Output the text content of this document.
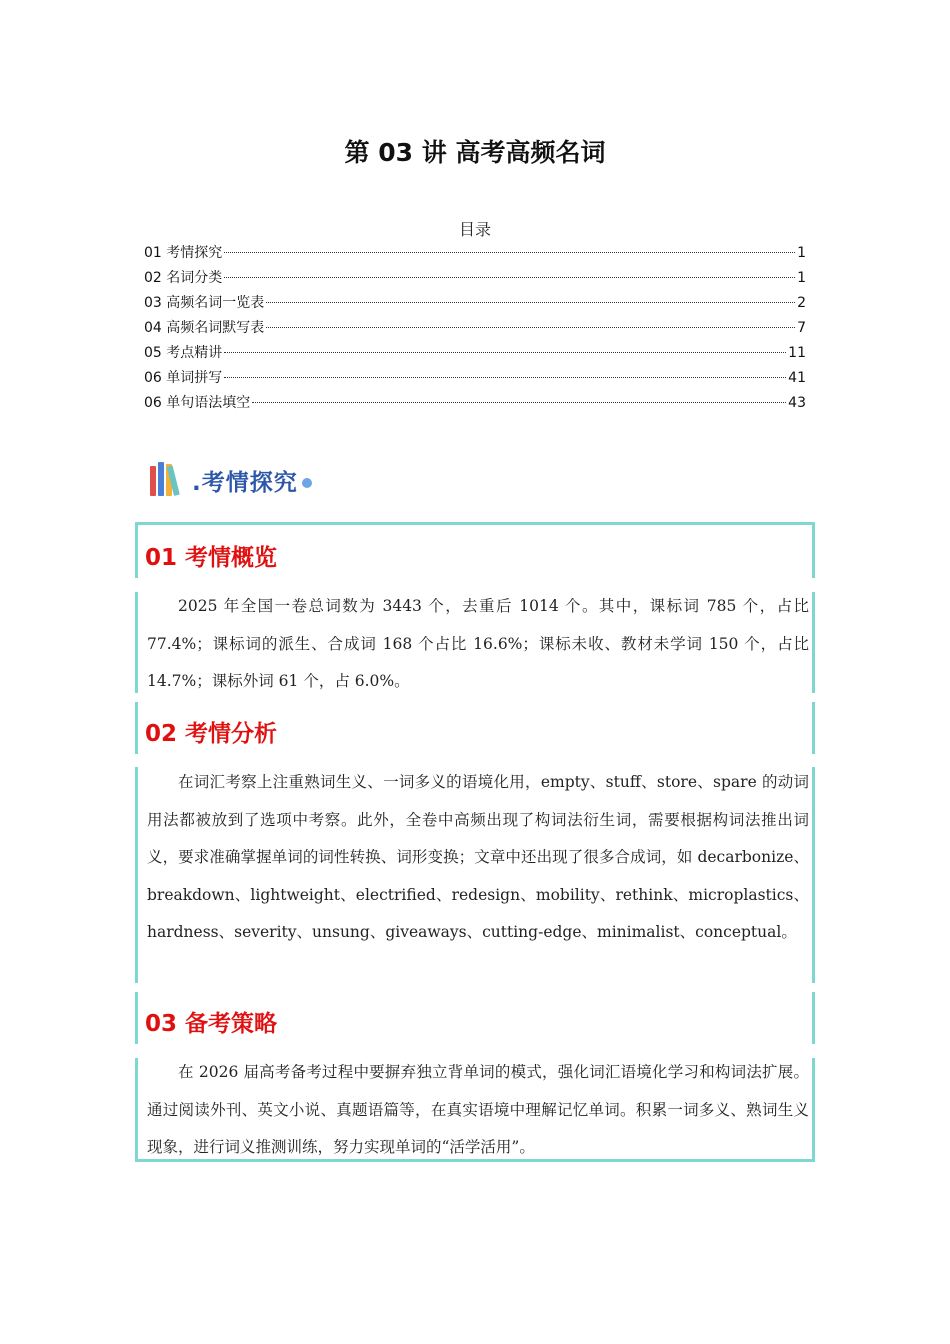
第 03 讲 高考高频名词
目录
01 考情探究	1
02 名词分类	1
03 高频名词一览表	2
04 高频名词默写表	7
05 考点精讲	11
06 单词拼写	41
06 单句语法填空	43
.考情探究
01 考情概览

2025 年全国一卷总词数为 3443 个，去重后 1014 个。其中，课标词 785 个，占比 77.4%；课标词的派生、合成词 168 个占比 16.6%；课标未收、教材未学词 150 个，占比 14.7%；课标外词 61 个，占 6.0%。

02 考情分析

在词汇考察上注重熟词生义、一词多义的语境化用，empty、stuff、store、spare 的动词用法都被放到了选项中考察。此外，全卷中高频出现了构词法衍生词，需要根据构词法推出词义，要求准确掌握单词的词性转换、词形变换；文章中还出现了很多合成词，如 decarbonize、breakdown、lightweight、electrified、redesign、mobility、rethink、microplastics、hardness、severity、unsung、giveaways、cutting-edge、minimalist、conceptual。

03 备考策略

在 2026 届高考备考过程中要摒弃独立背单词的模式，强化词汇语境化学习和构词法扩展。通过阅读外刊、英文小说、真题语篇等，在真实语境中理解记忆单词。积累一词多义、熟词生义现象，进行词义推测训练，努力实现单词的“活学活用”。
